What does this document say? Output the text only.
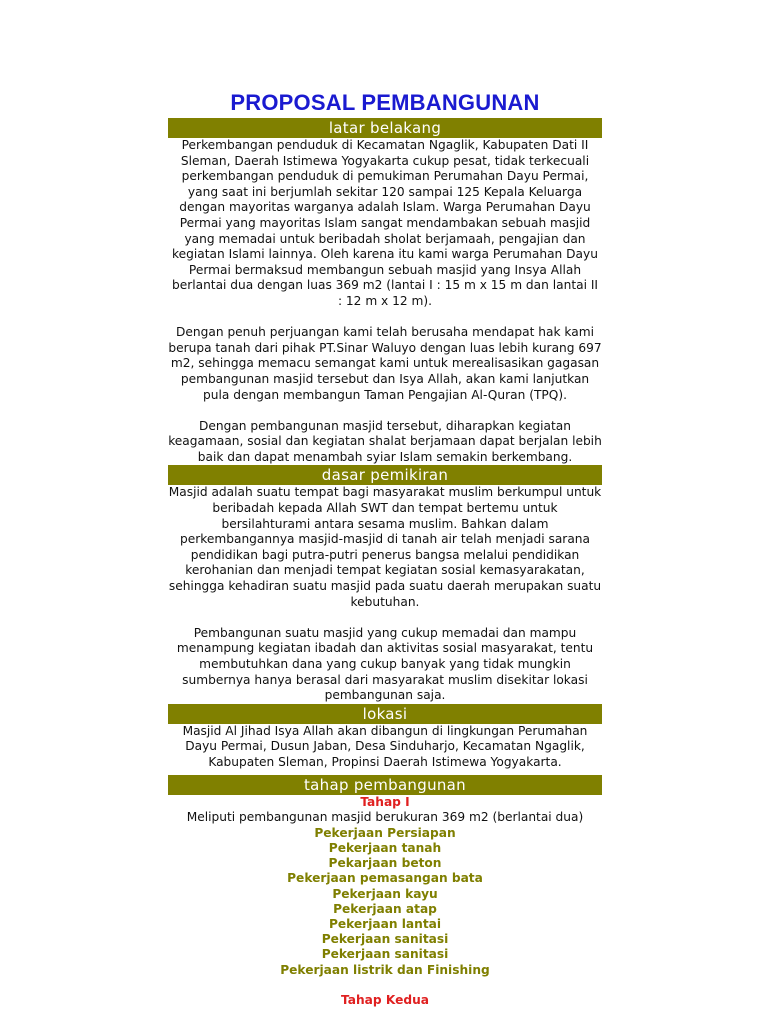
PROPOSAL PEMBANGUNAN
latar belakang

Perkembangan penduduk di Kecamatan Ngaglik, Kabupaten Dati II Sleman, Daerah Istimewa Yogyakarta cukup pesat, tidak terkecuali perkembangan penduduk di pemukiman Perumahan Dayu Permai, yang saat ini berjumlah sekitar 120 sampai 125 Kepala Keluarga dengan mayoritas warganya adalah Islam. Warga Perumahan Dayu Permai yang mayoritas Islam sangat mendambakan sebuah masjid yang memadai untuk beribadah sholat berjamaah, pengajian dan kegiatan Islami lainnya. Oleh karena itu kami warga Perumahan Dayu Permai bermaksud membangun sebuah masjid yang Insya Allah berlantai dua dengan luas 369 m2 (lantai I : 15 m x 15 m dan lantai II : 12 m x 12 m).

Dengan penuh perjuangan kami telah berusaha mendapat hak kami berupa tanah dari pihak PT.Sinar Waluyo dengan luas lebih kurang 697 m2, sehingga memacu semangat kami untuk merealisasikan gagasan pembangunan masjid tersebut dan Isya Allah, akan kami lanjutkan pula dengan membangun Taman Pengajian Al-Quran (TPQ).

Dengan pembangunan masjid tersebut, diharapkan kegiatan keagamaan, sosial dan kegiatan shalat berjamaan dapat berjalan lebih baik dan dapat menambah syiar Islam semakin berkembang.

dasar pemikiran

Masjid adalah suatu tempat bagi masyarakat muslim berkumpul untuk beribadah kepada Allah SWT dan tempat bertemu untuk bersilahturami antara sesama muslim. Bahkan dalam perkembangannya masjid-masjid di tanah air telah menjadi sarana pendidikan bagi putra-putri penerus bangsa melalui pendidikan kerohanian dan menjadi tempat kegiatan sosial kemasyarakatan, sehingga kehadiran suatu masjid pada suatu daerah merupakan suatu kebutuhan.

Pembangunan suatu masjid yang cukup memadai dan mampu menampung kegiatan ibadah dan aktivitas sosial masyarakat, tentu membutuhkan dana yang cukup banyak yang tidak mungkin sumbernya hanya berasal dari masyarakat muslim disekitar lokasi pembangunan saja.

lokasi

Masjid Al Jihad Isya Allah akan dibangun di lingkungan Perumahan Dayu Permai, Dusun Jaban, Desa Sinduharjo, Kecamatan Ngaglik, Kabupaten Sleman, Propinsi Daerah Istimewa Yogyakarta.

tahap pembangunan
Tahap I

Meliputi pembangunan masjid berukuran 369 m2 (berlantai dua)

Pekerjaan Persiapan
Pekerjaan tanah
Pekarjaan beton
Pekerjaan pemasangan bata
Pekerjaan kayu
Pekerjaan atap
Pekerjaan lantai
Pekerjaan sanitasi
Pekerjaan sanitasi
Pekerjaan listrik dan Finishing
Tahap Kedua
